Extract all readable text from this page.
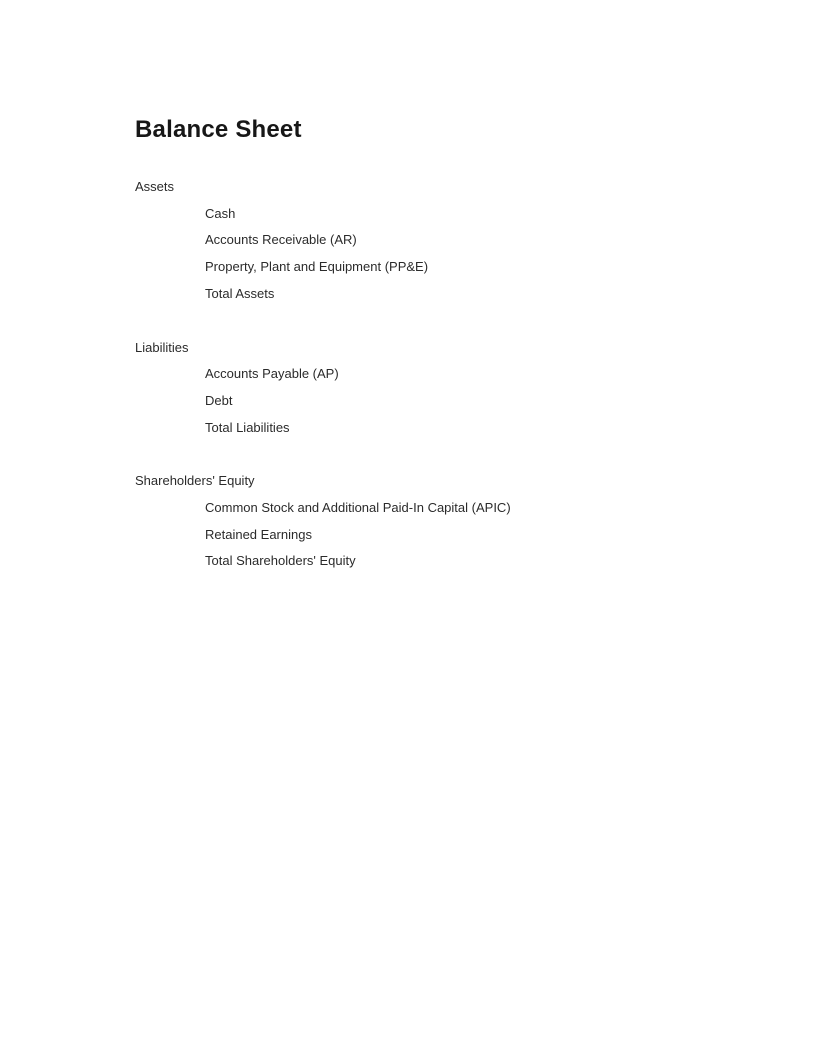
Balance Sheet
Assets
Cash
Accounts Receivable (AR)
Property, Plant and Equipment (PP&E)
Total Assets
Liabilities
Accounts Payable (AP)
Debt
Total Liabilities
Shareholders' Equity
Common Stock and Additional Paid-In Capital (APIC)
Retained Earnings
Total Shareholders' Equity
